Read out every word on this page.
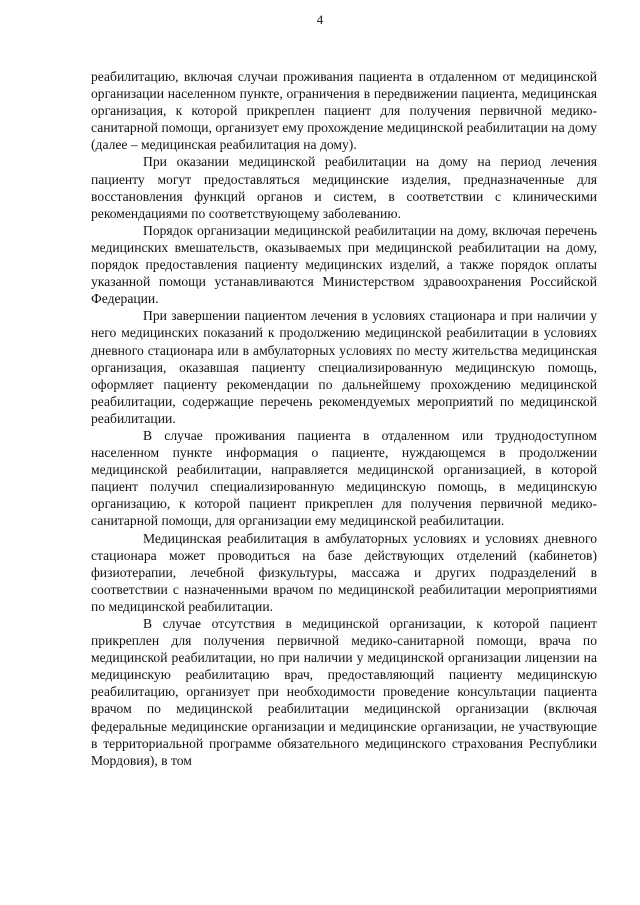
4

реабилитацию, включая случаи проживания пациента в отдаленном от медицинской организации населенном пункте, ограничения в передвижении пациента, медицинская организация, к которой прикреплен пациент для получения первичной медико-санитарной помощи, организует ему прохождение медицинской реабилитации на дому (далее – медицинская реабилитация на дому).

При оказании медицинской реабилитации на дому на период лечения пациенту могут предоставляться медицинские изделия, предназначенные для восстановления функций органов и систем, в соответствии с клиническими рекомендациями по соответствующему заболеванию.

Порядок организации медицинской реабилитации на дому, включая перечень медицинских вмешательств, оказываемых при медицинской реабилитации на дому, порядок предоставления пациенту медицинских изделий, а также порядок оплаты указанной помощи устанавливаются Министерством здравоохранения Российской Федерации.

При завершении пациентом лечения в условиях стационара и при наличии у него медицинских показаний к продолжению медицинской реабилитации в условиях дневного стационара или в амбулаторных условиях по месту жительства медицинская организация, оказавшая пациенту специализированную медицинскую помощь, оформляет пациенту рекомендации по дальнейшему прохождению медицинской реабилитации, содержащие перечень рекомендуемых мероприятий по медицинской реабилитации.

В случае проживания пациента в отдаленном или труднодоступном населенном пункте информация о пациенте, нуждающемся в продолжении медицинской реабилитации, направляется медицинской организацией, в которой пациент получил специализированную медицинскую помощь, в медицинскую организацию, к которой пациент прикреплен для получения первичной медико-санитарной помощи, для организации ему медицинской реабилитации.

Медицинская реабилитация в амбулаторных условиях и условиях дневного стационара может проводиться на базе действующих отделений (кабинетов) физиотерапии, лечебной физкультуры, массажа и других подразделений в соответствии с назначенными врачом по медицинской реабилитации мероприятиями по медицинской реабилитации.

В случае отсутствия в медицинской организации, к которой пациент прикреплен для получения первичной медико-санитарной помощи, врача по медицинской реабилитации, но при наличии у медицинской организации лицензии на медицинскую реабилитацию врач, предоставляющий пациенту медицинскую реабилитацию, организует при необходимости проведение консультации пациента врачом по медицинской реабилитации медицинской организации (включая федеральные медицинские организации и медицинские организации, не участвующие в территориальной программе обязательного медицинского страхования Республики Мордовия), в том
